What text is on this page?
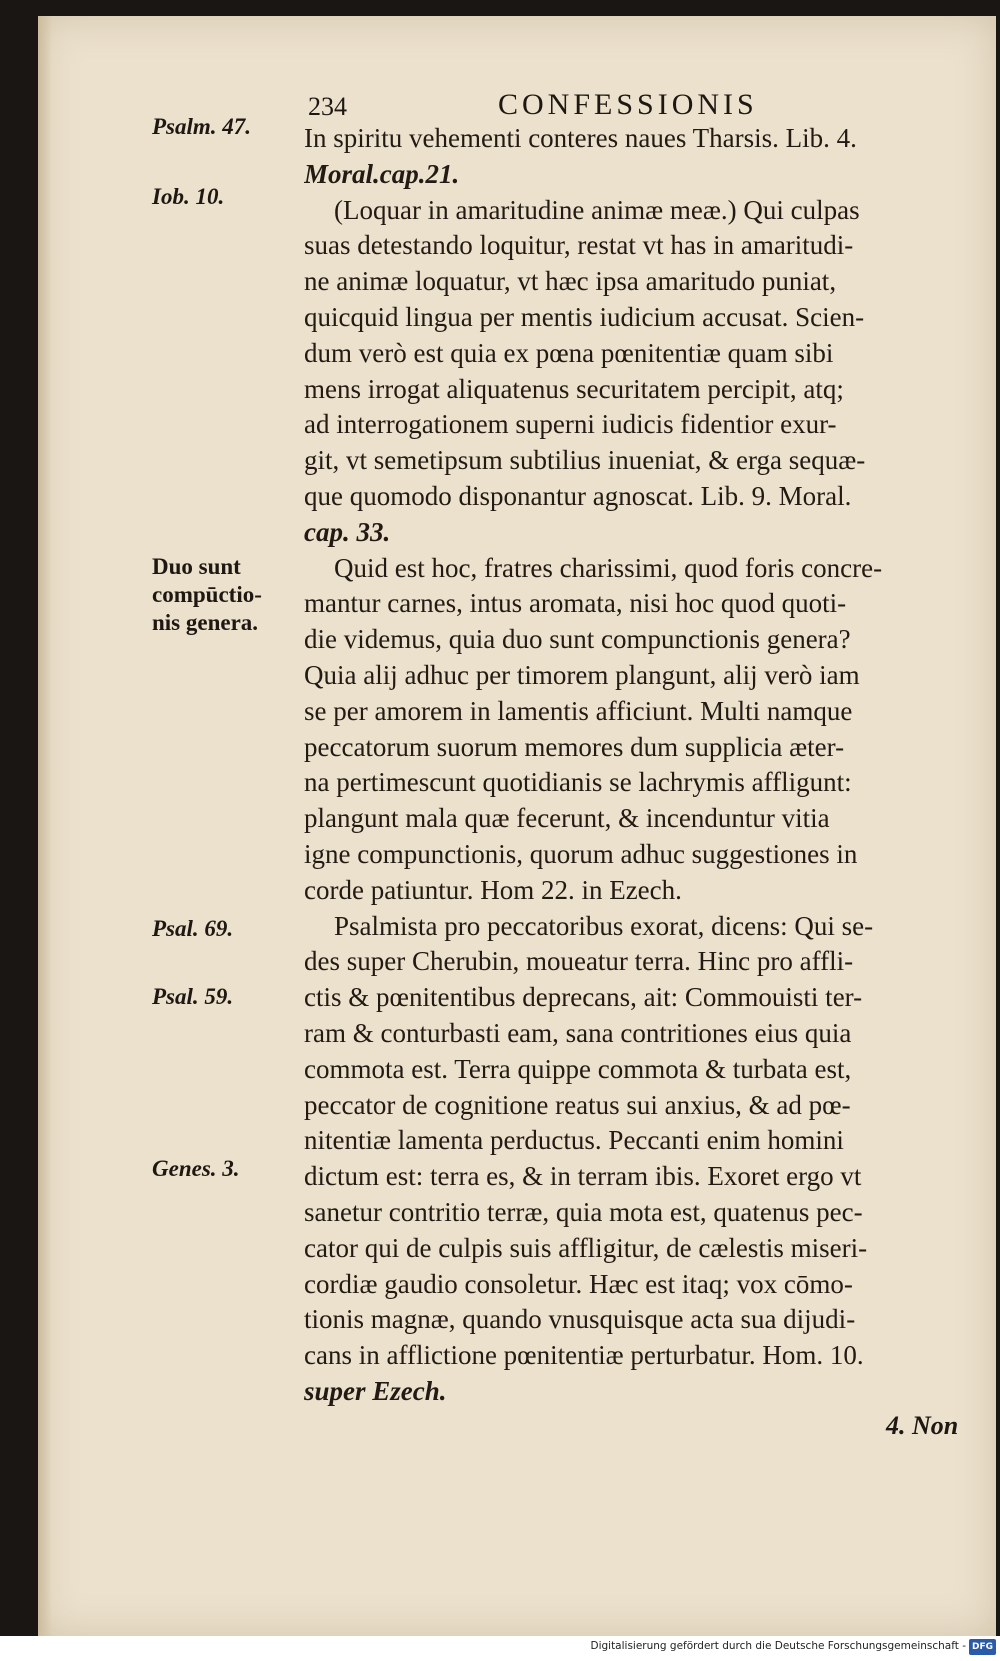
234	CONFESSIONIS
Psalm. 47.
Iob. 10.
Duo sunt
compūctio-
nis genera.
Psal. 69.
Psal. 59.
Genes. 3.
In spiritu vehementi conteres naues Tharsis. Lib. 4.
Moral.cap.21.
(Loquar in amaritudine animæ meæ.) Qui culpas
suas detestando loquitur, restat vt has in amaritudi-
ne animæ loquatur, vt hæc ipsa amaritudo puniat,
quicquid lingua per mentis iudicium accusat. Scien-
dum verò est quia ex pœna pœnitentiæ quam sibi
mens irrogat aliquatenus securitatem percipit, atq;
ad interrogationem superni iudicis fidentior exur-
git, vt semetipsum subtilius inueniat, & erga sequæ-
que quomodo disponantur agnoscat. Lib. 9. Moral.
cap. 33.
Quid est hoc, fratres charissimi, quod foris concre-
mantur carnes, intus aromata, nisi hoc quod quoti-
die videmus, quia duo sunt compunctionis genera?
Quia alij adhuc per timorem plangunt, alij verò iam
se per amorem in lamentis afficiunt. Multi namque
peccatorum suorum memores dum supplicia æter-
na pertimescunt quotidianis se lachrymis affligunt:
plangunt mala quæ fecerunt, & incenduntur vitia
igne compunctionis, quorum adhuc suggestiones in
corde patiuntur. Hom 22. in Ezech.
Psalmista pro peccatoribus exorat, dicens: Qui se-
des super Cherubin, moueatur terra. Hinc pro affli-
ctis & pœnitentibus deprecans, ait: Commouisti ter-
ram & conturbasti eam, sana contritiones eius quia
commota est. Terra quippe commota & turbata est,
peccator de cognitione reatus sui anxius, & ad pœ-
nitentiæ lamenta perductus. Peccanti enim homini
dictum est: terra es, & in terram ibis. Exoret ergo vt
sanetur contritio terræ, quia mota est, quatenus pec-
cator qui de culpis suis affligitur, de cælestis miseri-
cordiæ gaudio consoletur. Hæc est itaq; vox cōmo-
tionis magnæ, quando vnusquisque acta sua dijudi-
cans in afflictione pœnitentiæ perturbatur. Hom. 10.
super Ezech.
4. Non
Digitalisierung gefördert durch die Deutsche Forschungsgemeinschaft - DFG
